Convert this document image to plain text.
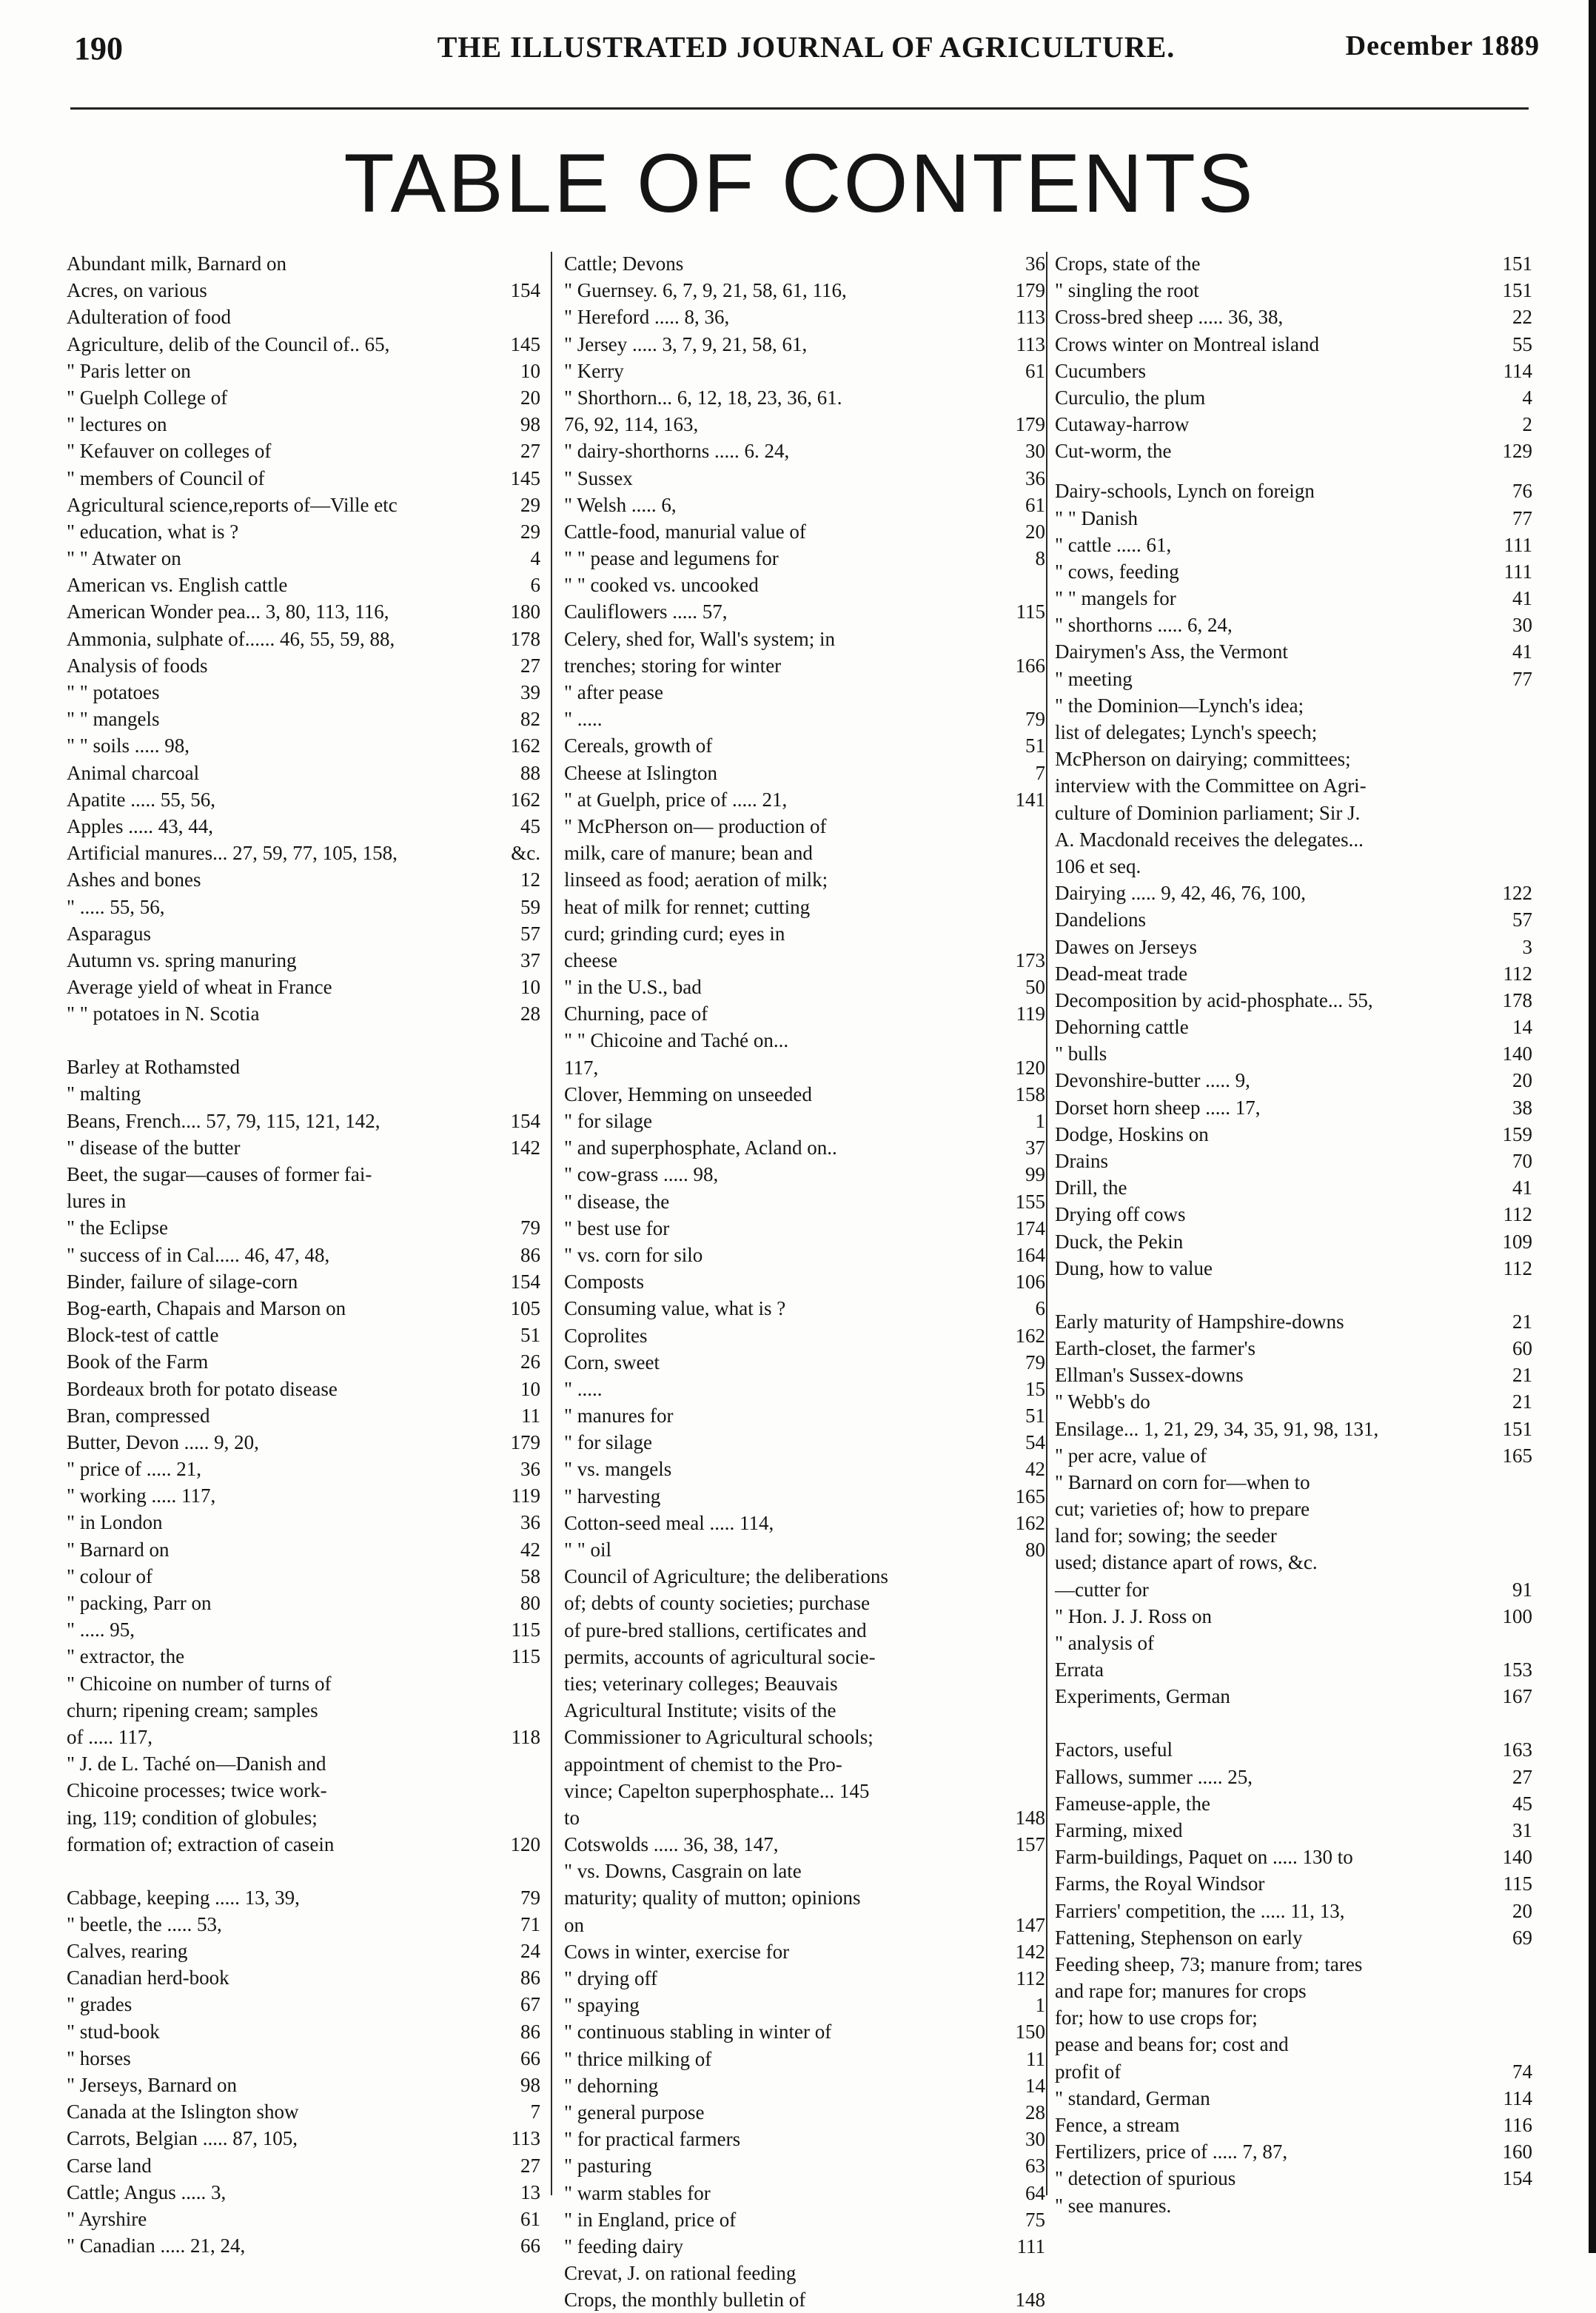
190	THE ILLUSTRATED JOURNAL OF AGRICULTURE.	December 1889
TABLE OF CONTENTS
Abundant milk, Barnard on
Acres, on various	154
Adulteration of food
Agriculture, delib of the Council of.. 65,	145
" Paris letter on	10
" Guelph College of	20
" lectures on	98
" Kefauver on colleges of	27
" members of Council of	145
Agricultural science,reports of—Ville etc	29
" education, what is ?	29
" " Atwater on	4
American vs. English cattle	6
American Wonder pea... 3, 80, 113, 116,	180
Ammonia, sulphate of...... 46, 55, 59, 88,	178
Analysis of foods	27
" " potatoes	39
" " mangels	82
" " soils ..... 98,	162
Animal charcoal	88
Apatite ..... 55, 56,	162
Apples ..... 43, 44,	45
Artificial manures... 27, 59, 77, 105, 158,	&c.
Ashes and bones	12
" ..... 55, 56,	59
Asparagus	57
Autumn vs. spring manuring	37
Average yield of wheat in France	10
" " potatoes in N. Scotia	28
Barley at Rothamsted
" malting
Beans, French.... 57, 79, 115, 121, 142,	154
" disease of the butter	142
Beet, the sugar—causes of former fai-
lures in
" the Eclipse	79
" success of in Cal..... 46, 47, 48,	86
Binder, failure of silage-corn	154
Bog-earth, Chapais and Marson on	105
Block-test of cattle	51
Book of the Farm	26
Bordeaux broth for potato disease	10
Bran, compressed	11
Butter, Devon ..... 9, 20,	179
" price of ..... 21,	36
" working ..... 117,	119
" in London	36
" Barnard on	42
" colour of	58
" packing, Parr on	80
" ..... 95,	115
" extractor, the	115
" Chicoine on number of turns of
churn; ripening cream; samples
of ..... 117,	118
" J. de L. Taché on—Danish and
Chicoine processes; twice work-
ing, 119; condition of globules;
formation of; extraction of casein	120
Cabbage, keeping ..... 13, 39,	79
" beetle, the ..... 53,	71
Calves, rearing	24
Canadian herd-book	86
" grades	67
" stud-book	86
" horses	66
" Jerseys, Barnard on	98
Canada at the Islington show	7
Carrots, Belgian ..... 87, 105,	113
Carse land	27
Cattle; Angus ..... 3,	13
" Ayrshire	61
" Canadian ..... 21, 24,	66
Cattle; Devons	36
" Guernsey. 6, 7, 9, 21, 58, 61, 116,	179
" Hereford ..... 8, 36,	113
" Jersey ..... 3, 7, 9, 21, 58, 61,	113
" Kerry	61
" Shorthorn... 6, 12, 18, 23, 36, 61.
76, 92, 114, 163,	179
" dairy-shorthorns ..... 6. 24,	30
" Sussex	36
" Welsh ..... 6,	61
Cattle-food, manurial value of	20
" " pease and legumens for	8
" " cooked vs. uncooked
Cauliflowers ..... 57,	115
Celery, shed for, Wall's system; in
trenches; storing for winter	166
" after pease
" .....	79
Cereals, growth of	51
Cheese at Islington	7
" at Guelph, price of ..... 21,	141
" McPherson on— production of
milk, care of manure; bean and
linseed as food; aeration of milk;
heat of milk for rennet; cutting
curd; grinding curd; eyes in
cheese	173
" in the U.S., bad	50
Churning, pace of	119
" " Chicoine and Taché on...
117,	120
Clover, Hemming on unseeded	158
" for silage	1
" and superphosphate, Acland on..	37
" cow-grass ..... 98,	99
" disease, the	155
" best use for	174
" vs. corn for silo	164
Composts	106
Consuming value, what is ?	6
Coprolites	162
Corn, sweet	79
" .....	15
" manures for	51
" for silage	54
" vs. mangels	42
" harvesting	165
Cotton-seed meal ..... 114,	162
" " oil	80
Council of Agriculture; the deliberations
of; debts of county societies; purchase
of pure-bred stallions, certificates and
permits, accounts of agricultural socie-
ties; veterinary colleges; Beauvais
Agricultural Institute; visits of the
Commissioner to Agricultural schools;
appointment of chemist to the Pro-
vince; Capelton superphosphate... 145
to	148
Cotswolds ..... 36, 38, 147,	157
" vs. Downs, Casgrain on late
maturity; quality of mutton; opinions
on	147
Cows in winter, exercise for	142
" drying off	112
" spaying	1
" continuous stabling in winter of	150
" thrice milking of	11
" dehorning	14
" general purpose	28
" for practical farmers	30
" pasturing	63
" warm stables for	64
" in England, price of	75
" feeding dairy	111
Crevat, J. on rational feeding
Crops, the monthly bulletin of	148
Crops, state of the	151
" singling the root	151
Cross-bred sheep ..... 36, 38,	22
Crows winter on Montreal island	55
Cucumbers	114
Curculio, the plum	4
Cutaway-harrow	2
Cut-worm, the	129
Dairy-schools, Lynch on foreign	76
" " Danish	77
" cattle ..... 61,	111
" cows, feeding	111
" " mangels for	41
" shorthorns ..... 6, 24,	30
Dairymen's Ass, the Vermont	41
" meeting	77
" the Dominion—Lynch's idea;
list of delegates; Lynch's speech;
McPherson on dairying; committees;
interview with the Committee on Agri-
culture of Dominion parliament; Sir J.
A. Macdonald receives the delegates...
106 et seq.
Dairying ..... 9, 42, 46, 76, 100,	122
Dandelions	57
Dawes on Jerseys	3
Dead-meat trade	112
Decomposition by acid-phosphate... 55,	178
Dehorning cattle	14
" bulls	140
Devonshire-butter ..... 9,	20
Dorset horn sheep ..... 17,	38
Dodge, Hoskins on	159
Drains	70
Drill, the	41
Drying off cows	112
Duck, the Pekin	109
Dung, how to value	112
Early maturity of Hampshire-downs	21
Earth-closet, the farmer's	60
Ellman's Sussex-downs	21
" Webb's do	21
Ensilage... 1, 21, 29, 34, 35, 91, 98, 131,	151
" per acre, value of	165
" Barnard on corn for—when to
cut; varieties of; how to prepare
land for; sowing; the seeder
used; distance apart of rows, &c.
—cutter for	91
" Hon. J. J. Ross on	100
" analysis of
Errata	153
Experiments, German	167
Factors, useful	163
Fallows, summer ..... 25,	27
Fameuse-apple, the	45
Farming, mixed	31
Farm-buildings, Paquet on ..... 130 to	140
Farms, the Royal Windsor	115
Farriers' competition, the ..... 11, 13,	20
Fattening, Stephenson on early	69
Feeding sheep, 73; manure from; tares
and rape for; manures for crops
for; how to use crops for;
pease and beans for; cost and
profit of	74
" standard, German	114
Fence, a stream	116
Fertilizers, price of ..... 7, 87,	160
" detection of spurious	154
" see manures.
